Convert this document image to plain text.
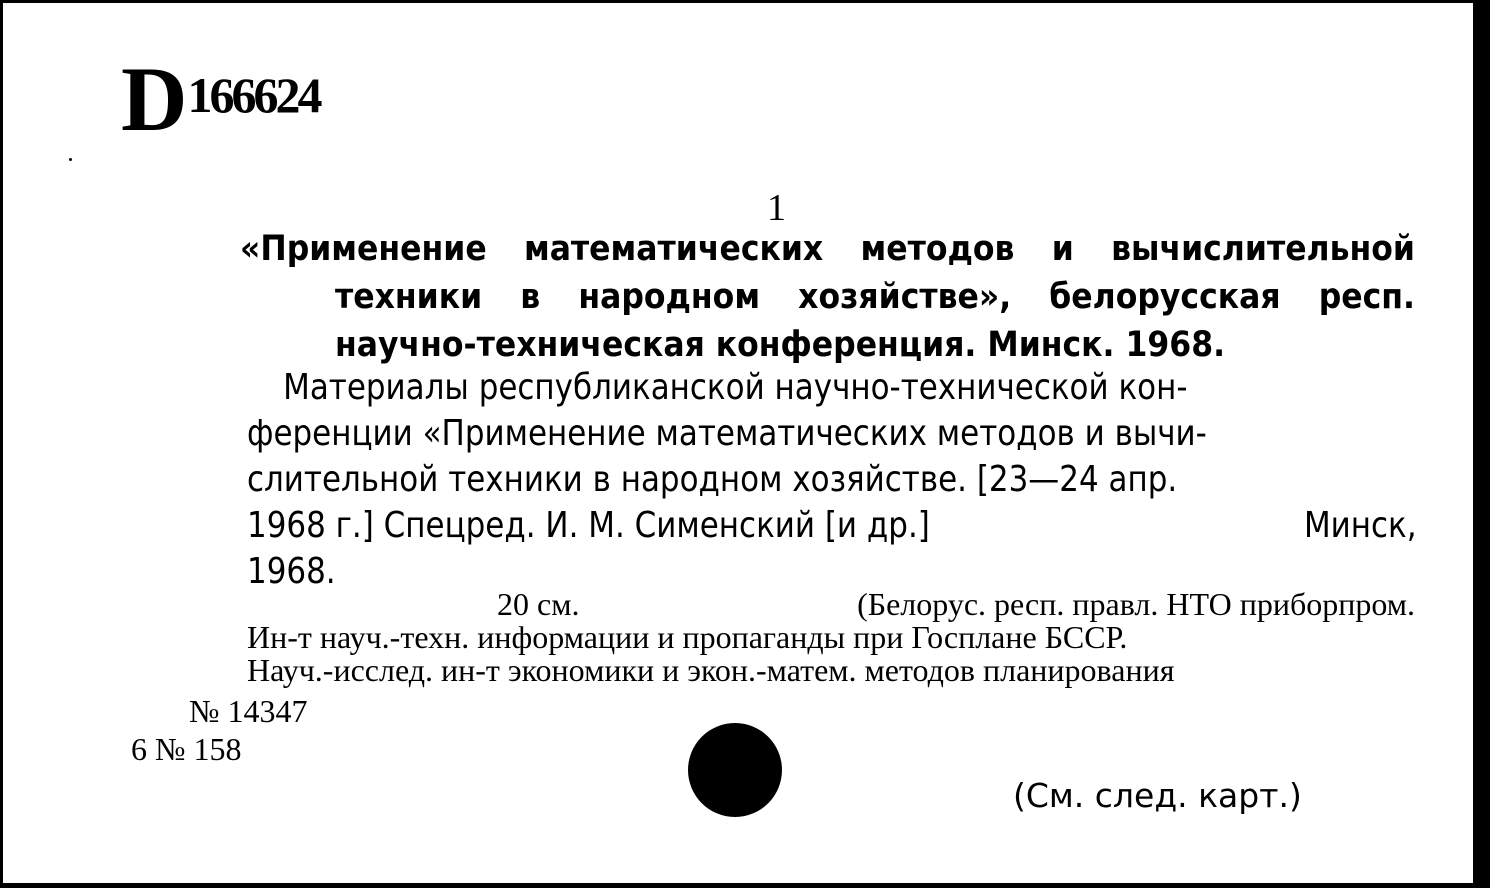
D166624
1
«Применение математических методов и вычислительной техники в народном хозяйстве», белорусская респ. научно-техническая конференция. Минск. 1968.
Материалы республиканской научно-технической кон-
ференции «Применение математических методов и вычи-
слительной техники в народном хозяйстве. [23—24 апр.
1968 г.] Спецред. И. М. Сименский [и др.]	Минск,
1968.
20 см.	(Белорус. респ. правл. НТО приборпром.
Ин-т науч.-техн. информации и пропаганды при Госплане БССР.
Науч.-исслед. ин-т экономики и экон.-матем. методов планирования
№ 14347
6 № 158
(См. след. карт.)
